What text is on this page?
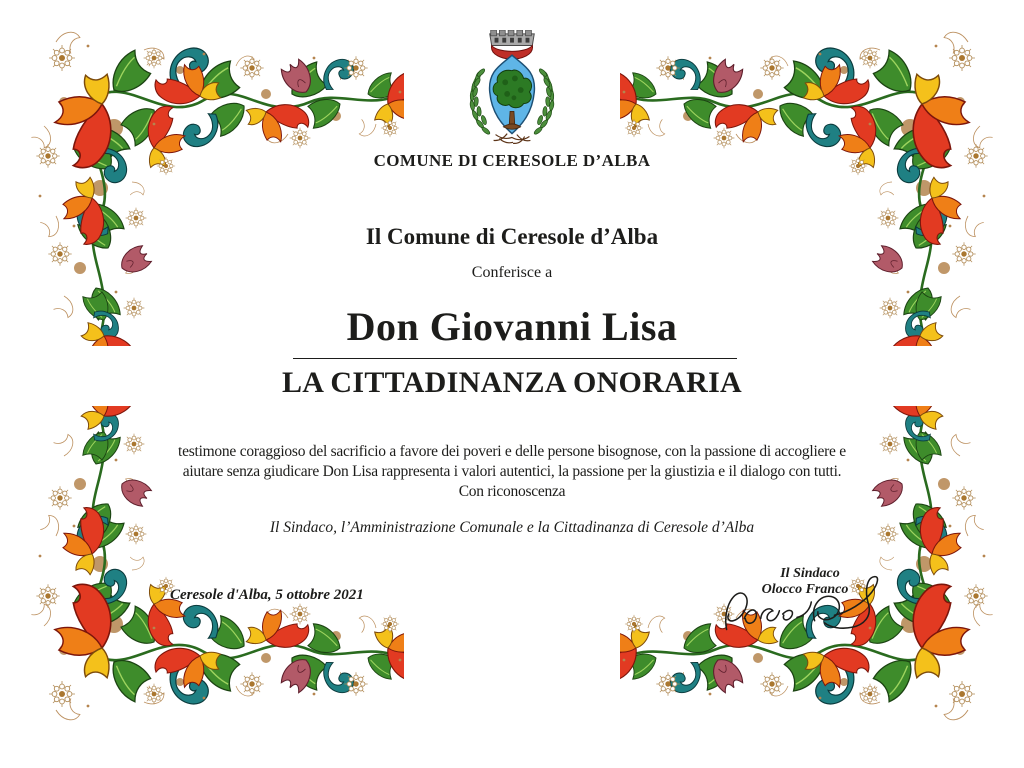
COMUNE DI CERESOLE D’ALBA
Il Comune di Ceresole d’Alba
Conferisce a
Don Giovanni Lisa
LA CITTADINANZA ONORARIA
testimone coraggioso del sacrificio a favore dei poveri e delle persone bisognose, con la passione di accogliere e
aiutare senza giudicare Don Lisa rappresenta i valori autentici, la passione per la giustizia e il dialogo con tutti.
Con riconoscenza
Il Sindaco, l’Amministrazione Comunale e la Cittadinanza di Ceresole d’Alba
Ceresole d'Alba, 5 ottobre 2021
Il Sindaco
Olocco Franco
